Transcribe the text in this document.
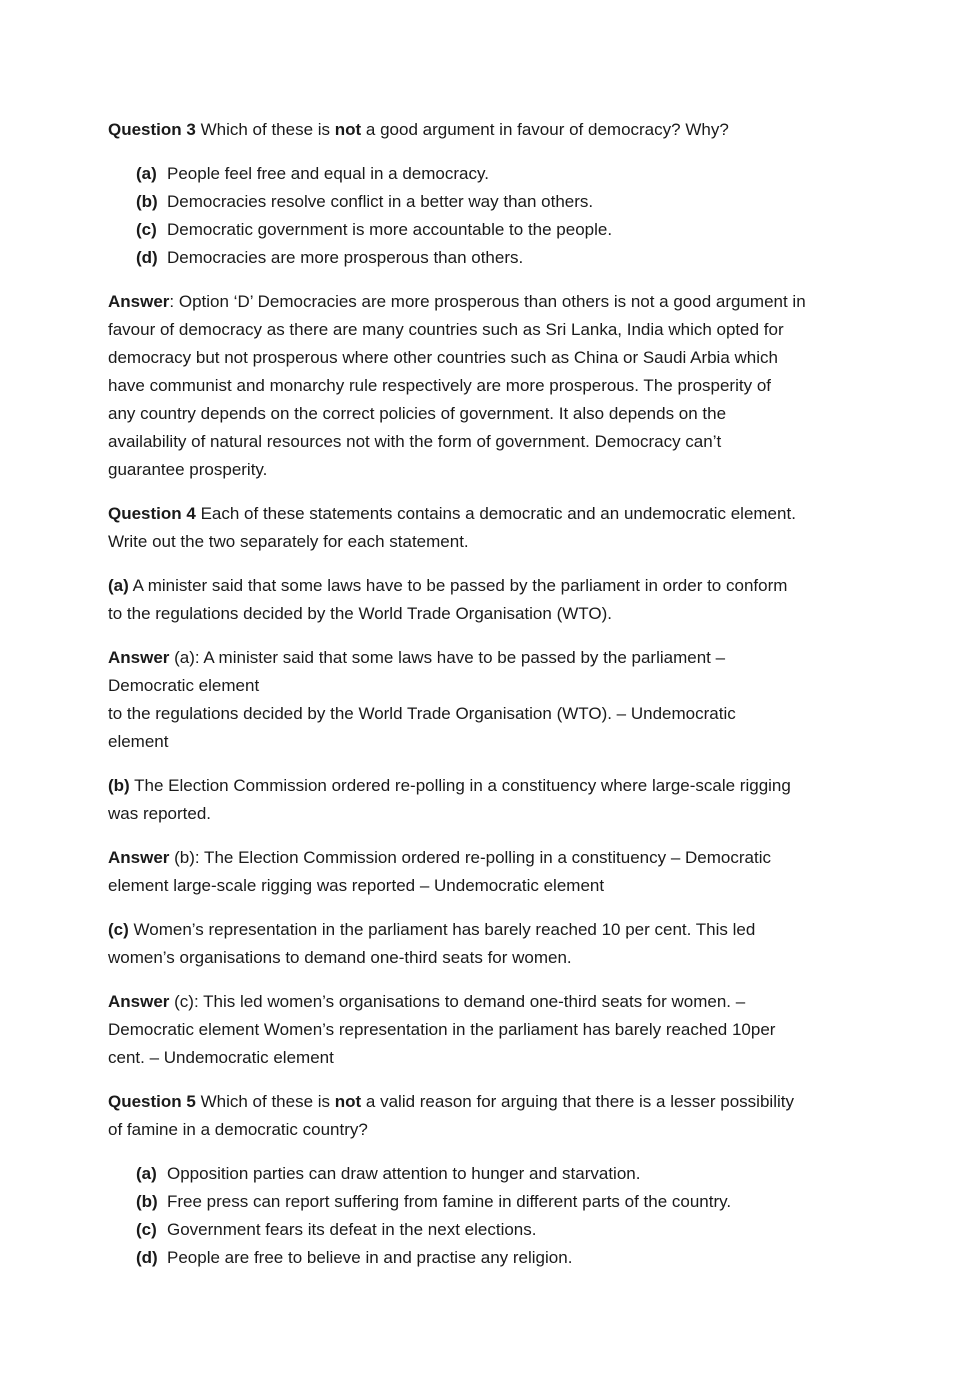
Question 3 Which of these is not a good argument in favour of democracy? Why?

(a) People feel free and equal in a democracy.
(b) Democracies resolve conflict in a better way than others.
(c) Democratic government is more accountable to the people.
(d) Democracies are more prosperous than others.

Answer: Option ‘D’ Democracies are more prosperous than others is not a good argument in
favour of democracy as there are many countries such as Sri Lanka, India which opted for
democracy but not prosperous where other countries such as China or Saudi Arbia which
have communist and monarchy rule respectively are more prosperous. The prosperity of
any country depends on the correct policies of government. It also depends on the
availability of natural resources not with the form of government. Democracy can’t
guarantee prosperity.

Question 4 Each of these statements contains a democratic and an undemocratic element.
Write out the two separately for each statement.

(a) A minister said that some laws have to be passed by the parliament in order to conform
to the regulations decided by the World Trade Organisation (WTO).

Answer (a): A minister said that some laws have to be passed by the parliament –
Democratic element
to the regulations decided by the World Trade Organisation (WTO). – Undemocratic
element

(b) The Election Commission ordered re-polling in a constituency where large-scale rigging
was reported.

Answer (b): The Election Commission ordered re-polling in a constituency – Democratic
element large-scale rigging was reported – Undemocratic element

(c) Women’s representation in the parliament has barely reached 10 per cent. This led
women’s organisations to demand one-third seats for women.

Answer (c): This led women’s organisations to demand one-third seats for women. –
Democratic element Women’s representation in the parliament has barely reached 10per
cent. – Undemocratic element

Question 5 Which of these is not a valid reason for arguing that there is a lesser possibility
of famine in a democratic country?

(a) Opposition parties can draw attention to hunger and starvation.
(b) Free press can report suffering from famine in different parts of the country.
(c) Government fears its defeat in the next elections.
(d) People are free to believe in and practise any religion.
